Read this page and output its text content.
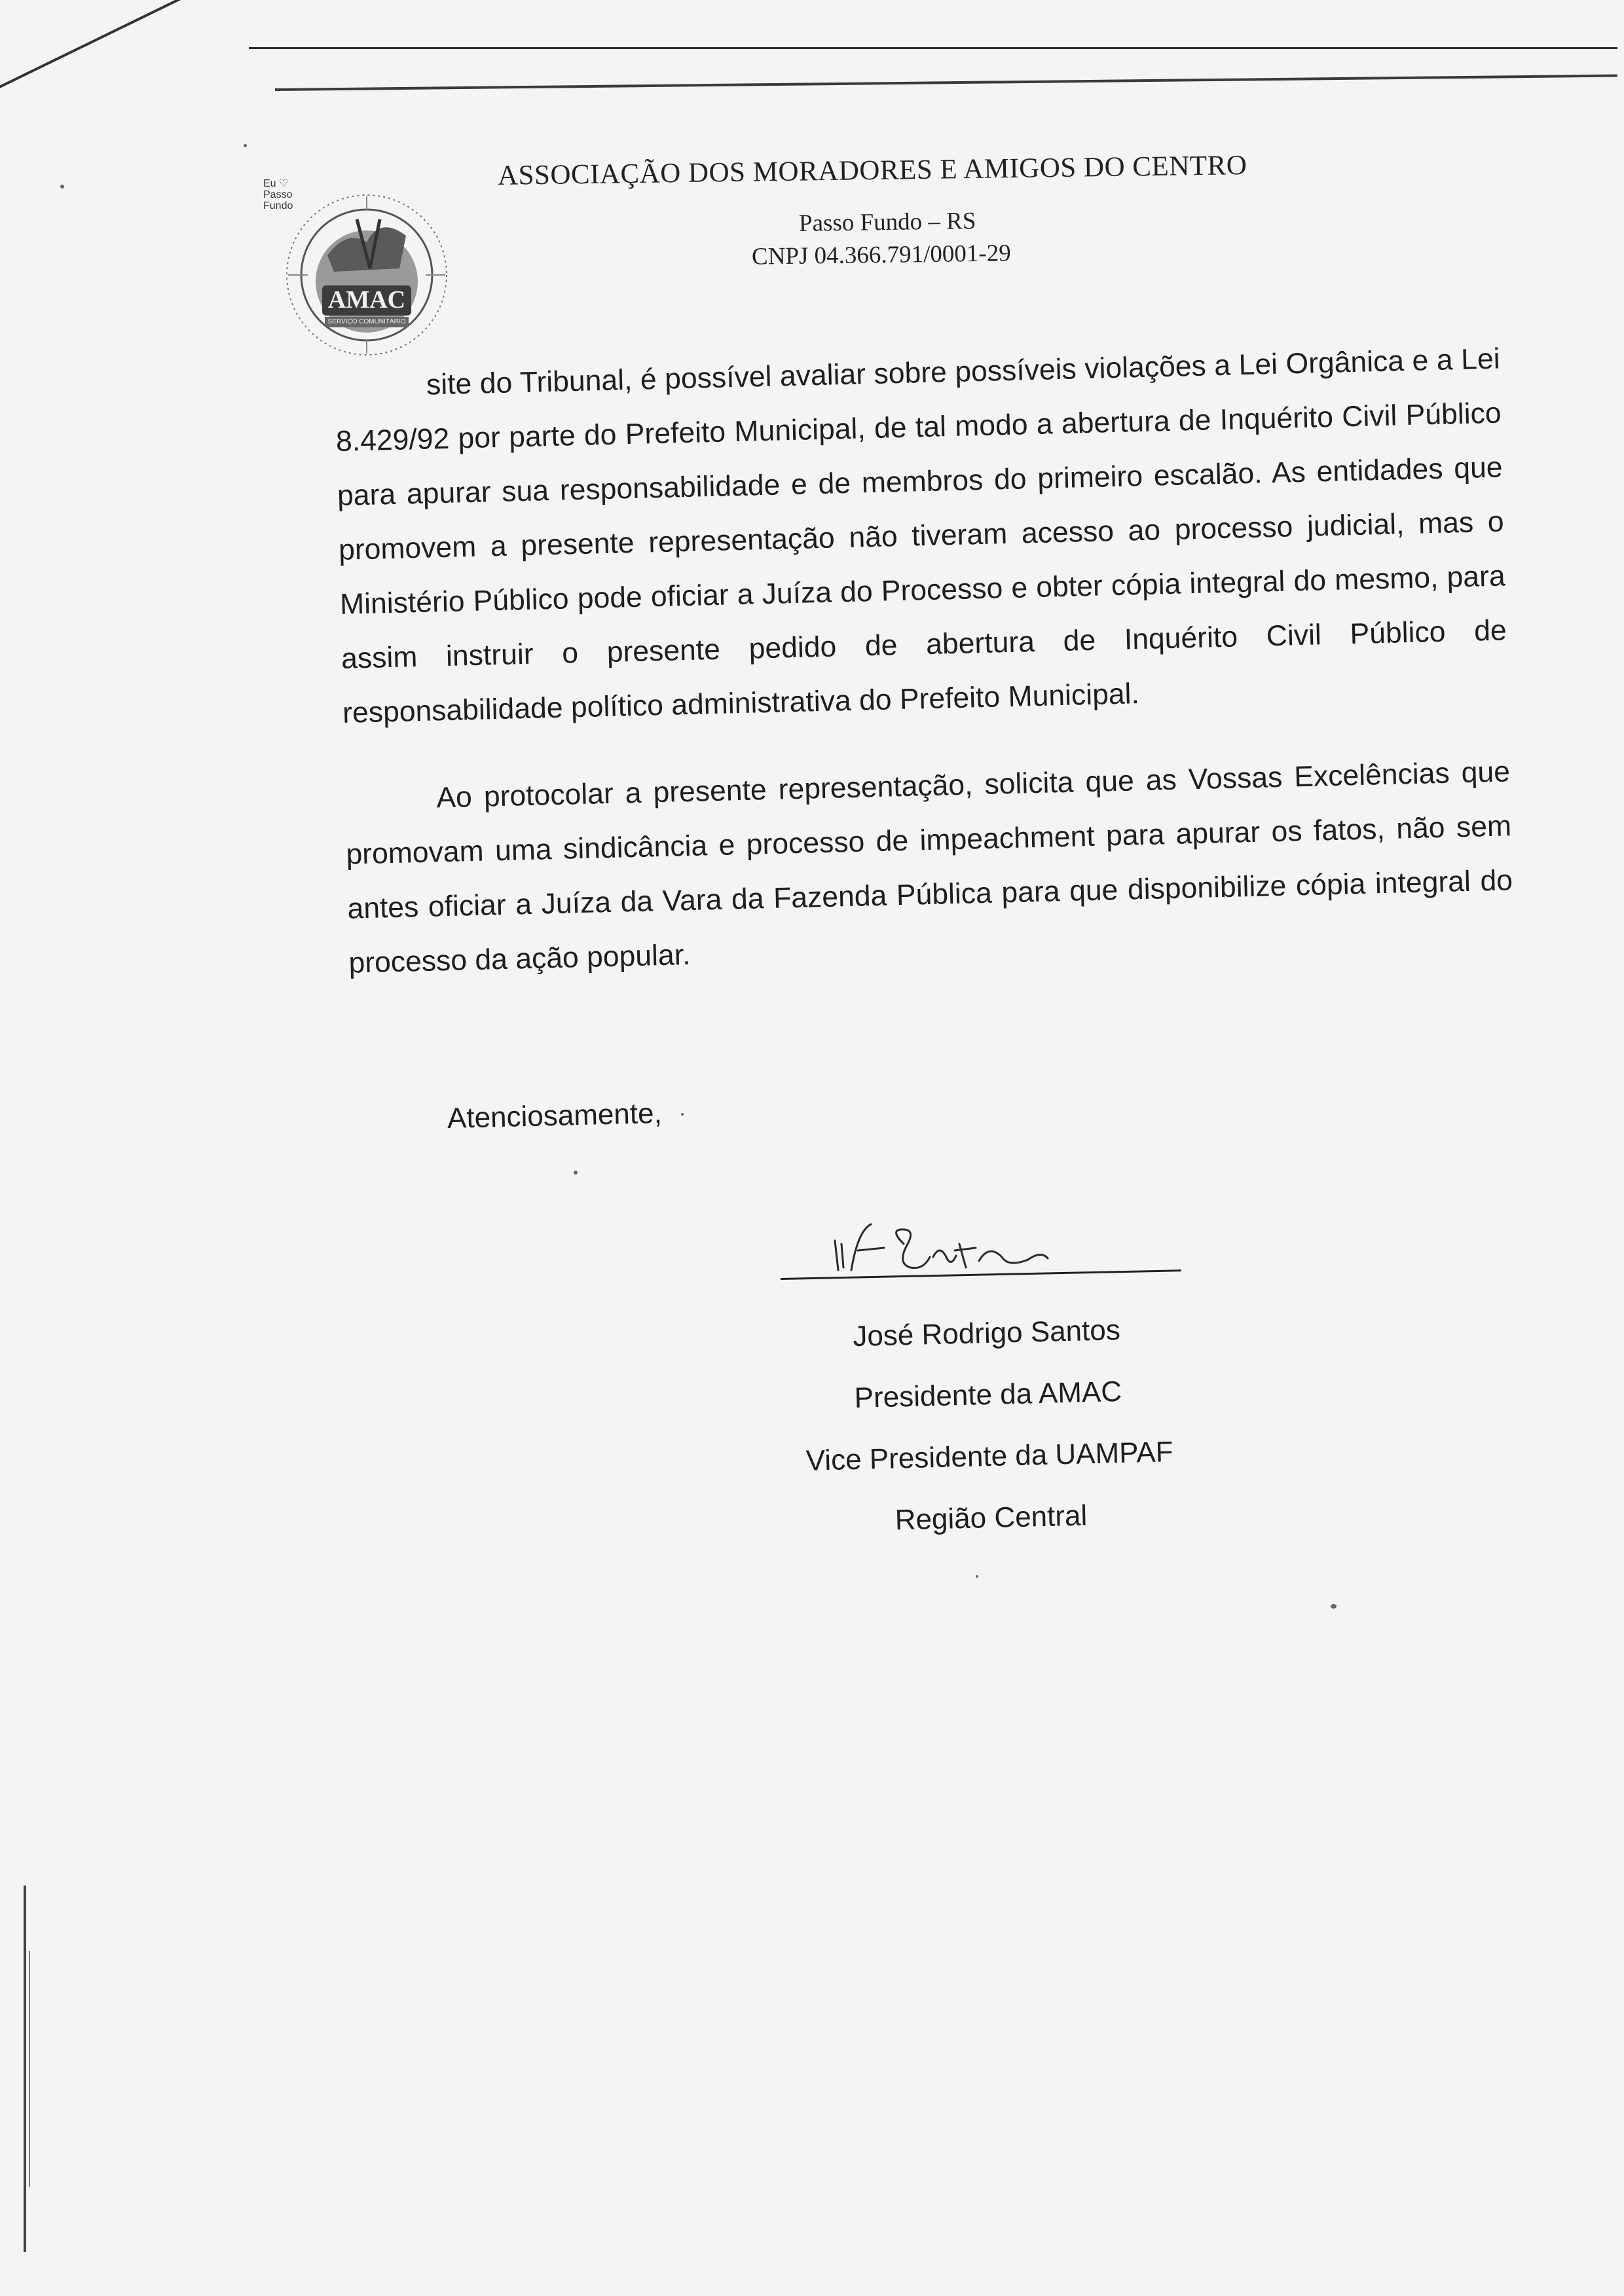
AMAC
SERVIÇO COMUNITÁRIO
Eu ♡ Passo Fundo
ASSOCIAÇÃO DOS MORADORES E AMIGOS DO CENTRO
Passo Fundo – RS
CNPJ 04.366.791/0001-29

site do Tribunal, é possível avaliar sobre possíveis violações a Lei Orgânica e a Lei 8.429/92 por parte do Prefeito Municipal, de tal modo a abertura de Inquérito Civil Público para apurar sua responsabilidade e de membros do primeiro escalão. As entidades que promovem a presente representação não tiveram acesso ao processo judicial, mas o Ministério Público pode oficiar a Juíza do Processo e obter cópia integral do mesmo, para assim instruir o presente pedido de abertura de Inquérito Civil Público de responsabilidade político administrativa do Prefeito Municipal.

Ao protocolar a presente representação, solicita que as Vossas Excelências que promovam uma sindicância e processo de impeachment para apurar os fatos, não sem antes oficiar a Juíza da Vara da Fazenda Pública para que disponibilize cópia integral do processo da ação popular.

Atenciosamente,
José Rodrigo Santos
Presidente da AMAC
Vice Presidente da UAMPAF
Região Central
